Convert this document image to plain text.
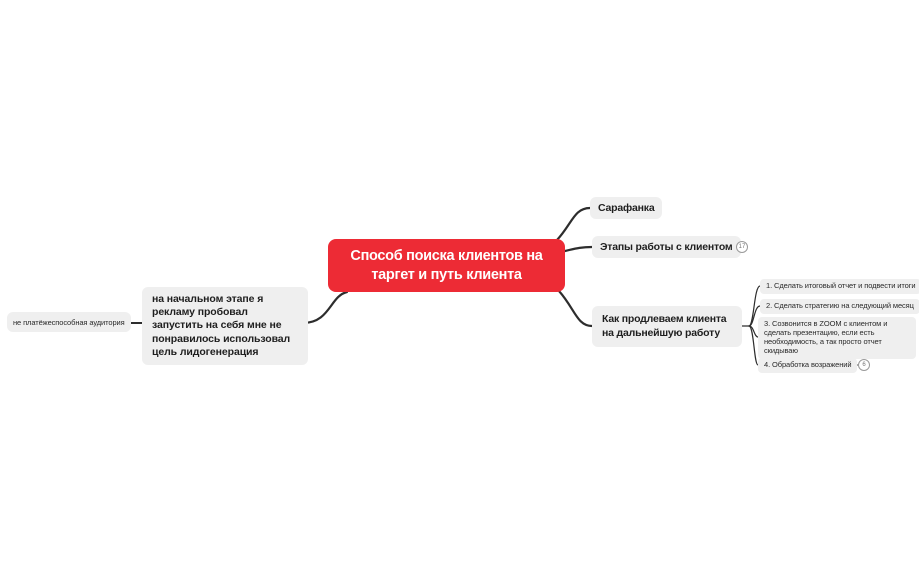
Способ поиска клиентов на таргет и путь клиента
Сарафанка
Этапы работы с клиентом	17
Как продлеваем клиента на дальнейшую работу
1. Сделать итоговый отчет и подвести итоги
2. Сделать стратегию на следующий месяц
3. Созвонится в ZOOM с клиентом и сделать презентацию, если есть необходимость, а так просто отчет скидываю
4. Обработка возражений	6
на начальном этапе я рекламу пробовал запустить на себя мне не понравилось использовал цель лидогенерация
не платёжеспособная аудитория
